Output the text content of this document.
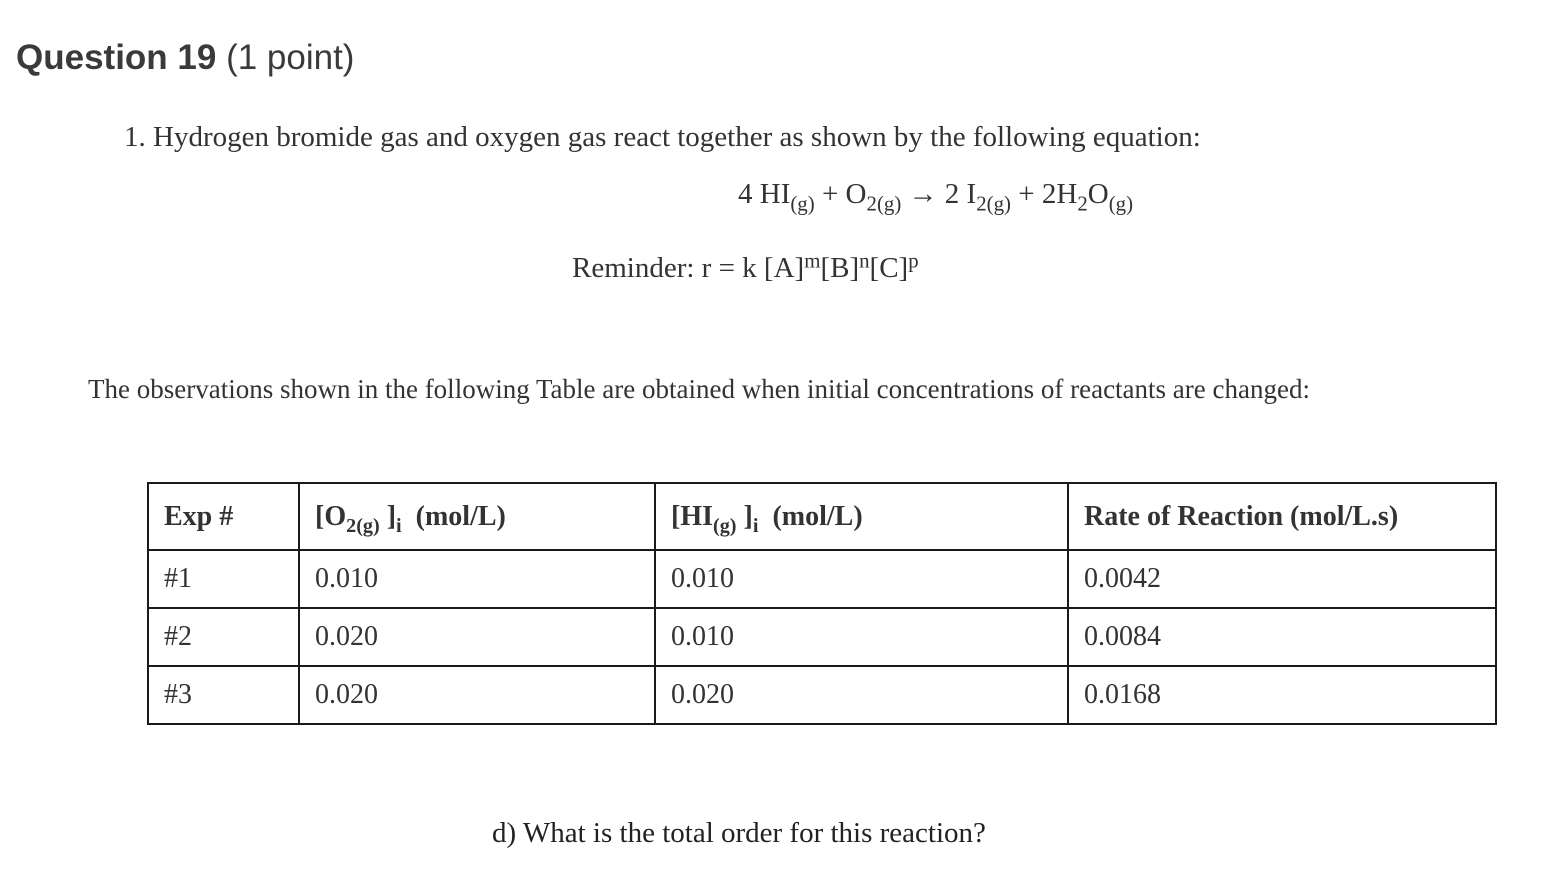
Question 19 (1 point)
1. Hydrogen bromide gas and oxygen gas react together as shown by the following equation:
4 $HI_{(g)} + O_{2(g)} \to 2$ $I_{2(g)} + 2H_2O_{(g)}$
Reminder: r = k $[A]^m[B]^n[C]^p$
The observations shown in the following Table are obtained when initial concentrations of reactants are changed:
Exp #	[$O_{2(g)}$ ]$_i$ (mol/L)	[$HI_{(g)}$ ]$_i$ (mol/L)	Rate of Reaction (mol/L.s)
#1	0.010	0.010	0.0042
#2	0.020	0.010	0.0084
#3	0.020	0.020	0.0168
d) What is the total order for this reaction?
